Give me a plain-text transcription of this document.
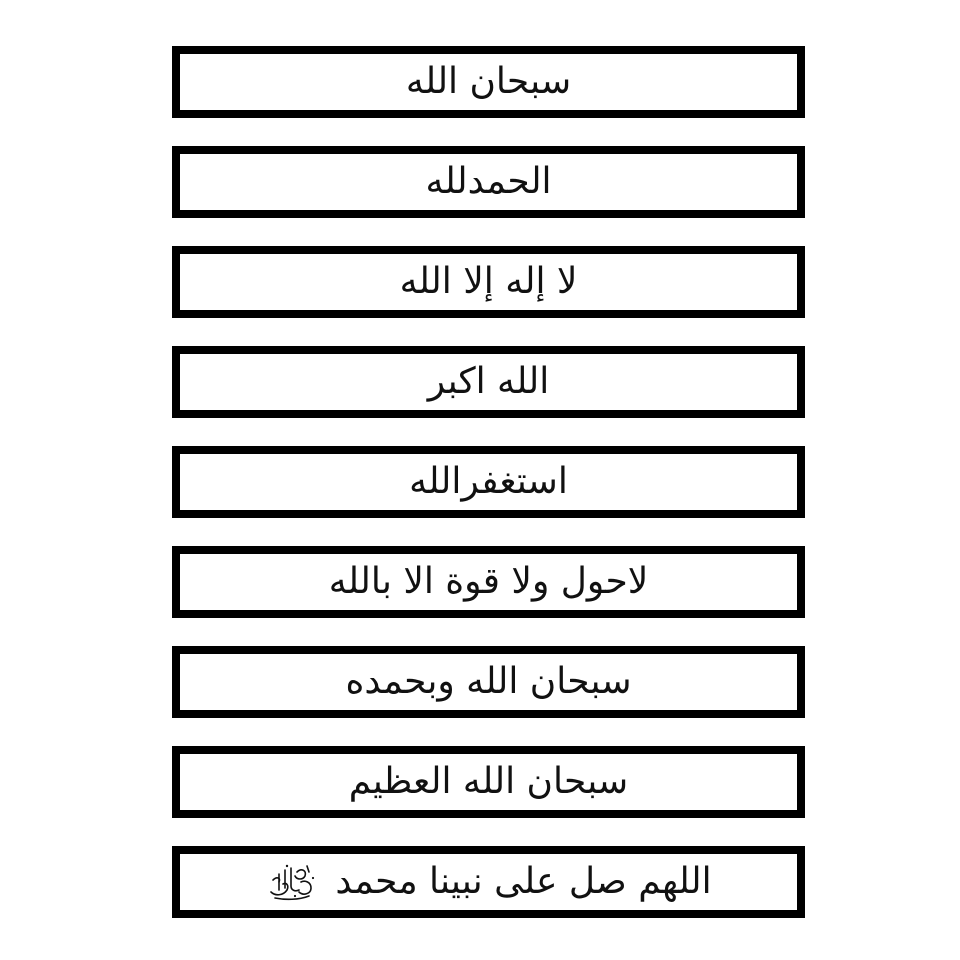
سبحان الله
الحمدلله
لا إله إلا الله
الله اكبر
استغفرالله
لاحول ولا قوة الا بالله
سبحان الله وبحمده
سبحان الله العظيم
اللهم صل على نبينا محمد
